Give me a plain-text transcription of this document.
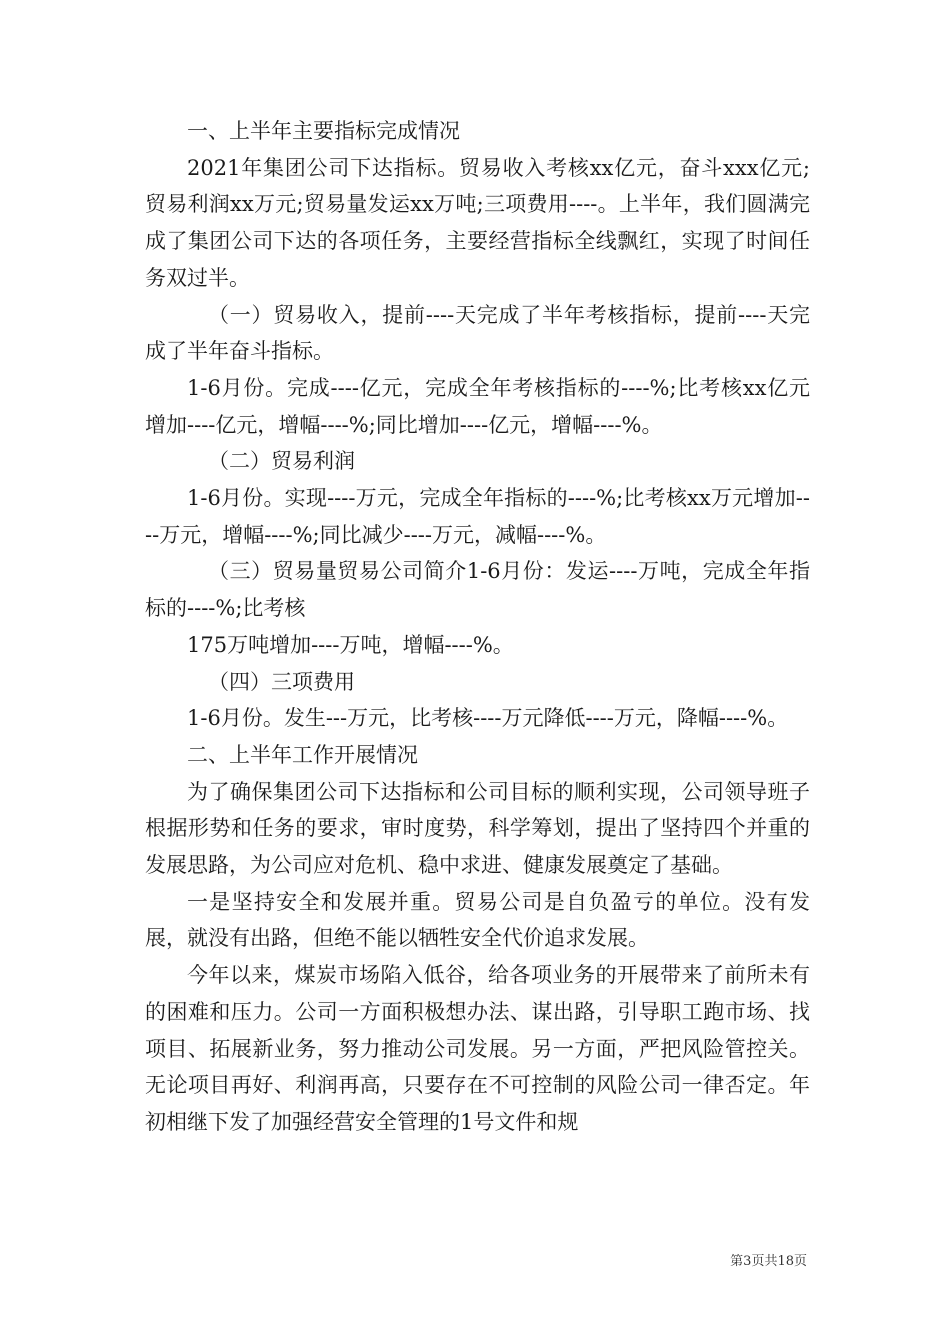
一、上半年主要指标完成情况

2021年集团公司下达指标。贸易收入考核xx亿元，奋斗xxx亿元;贸易利润xx万元;贸易量发运xx万吨;三项费用----。上半年，我们圆满完成了集团公司下达的各项任务，主要经营指标全线飘红，实现了时间任务双过半。

（一）贸易收入，提前----天完成了半年考核指标，提前----天完成了半年奋斗指标。

1-6月份。完成----亿元，完成全年考核指标的----%;比考核xx亿元增加----亿元，增幅----%;同比增加----亿元，增幅----%。

（二）贸易利润

1-6月份。实现----万元，完成全年指标的----%;比考核xx万元增加----万元，增幅----%;同比减少----万元，减幅----%。

（三）贸易量贸易公司简介1-6月份：发运----万吨，完成全年指标的----%;比考核

175万吨增加----万吨，增幅----%。

（四）三项费用

1-6月份。发生---万元，比考核----万元降低----万元，降幅----%。

二、上半年工作开展情况

为了确保集团公司下达指标和公司目标的顺利实现，公司领导班子根据形势和任务的要求，审时度势，科学筹划，提出了坚持四个并重的发展思路，为公司应对危机、稳中求进、健康发展奠定了基础。

一是坚持安全和发展并重。贸易公司是自负盈亏的单位。没有发展，就没有出路，但绝不能以牺牲安全代价追求发展。

今年以来，煤炭市场陷入低谷，给各项业务的开展带来了前所未有的困难和压力。公司一方面积极想办法、谋出路，引导职工跑市场、找项目、拓展新业务，努力推动公司发展。另一方面，严把风险管控关。无论项目再好、利润再高，只要存在不可控制的风险公司一律否定。年初相继下发了加强经营安全管理的1号文件和规

第3页共18页
